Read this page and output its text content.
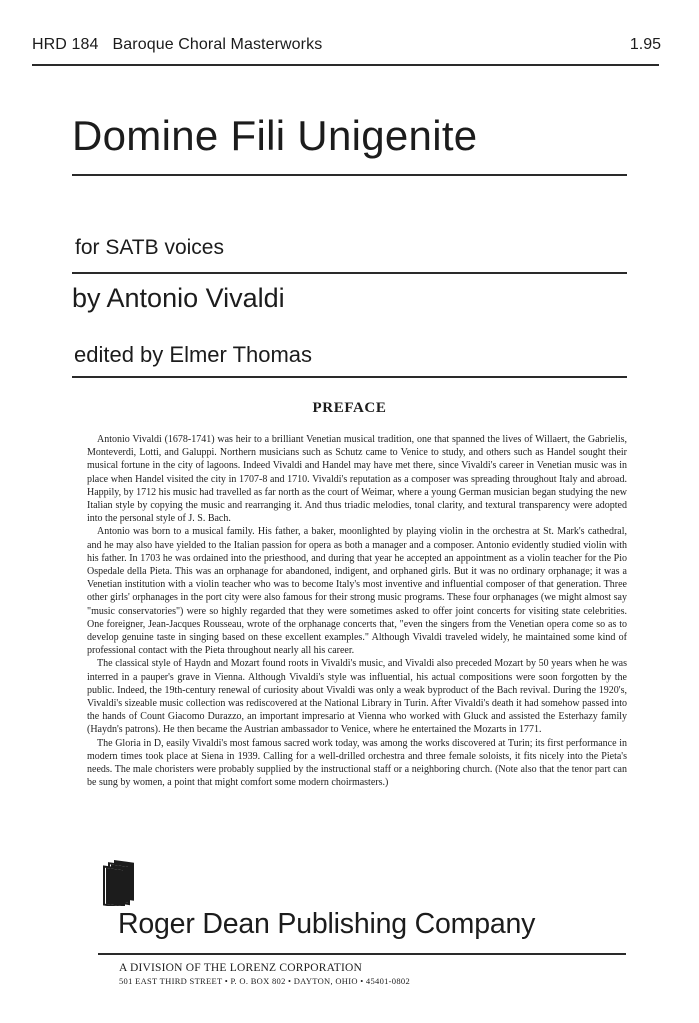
HRD 184 Baroque Choral Masterworks	1.95
Domine Fili Unigenite
for SATB voices
by Antonio Vivaldi
edited by Elmer Thomas
PREFACE

Antonio Vivaldi (1678-1741) was heir to a brilliant Venetian musical tradition, one that spanned the lives of Willaert, the Gabrielis, Monteverdi, Lotti, and Galuppi. Northern musicians such as Schutz came to Venice to study, and others such as Handel sought their musical fortune in the city of lagoons. Indeed Vivaldi and Handel may have met there, since Vivaldi's career in Venetian music was in place when Handel visited the city in 1707-8 and 1710. Vivaldi's reputation as a composer was spreading throughout Italy and abroad. Happily, by 1712 his music had travelled as far north as the court of Weimar, where a young German musician began studying the new Italian style by copying the music and rearranging it. And thus triadic melodies, tonal clarity, and textural transparency were adopted into the personal style of J. S. Bach.

Antonio was born to a musical family. His father, a baker, moonlighted by playing violin in the orchestra at St. Mark's cathedral, and he may also have yielded to the Italian passion for opera as both a manager and a composer. Antonio evidently studied violin with his father. In 1703 he was ordained into the priesthood, and during that year he accepted an appointment as a violin teacher for the Pio Ospedale della Pieta. This was an orphanage for abandoned, indigent, and orphaned girls. But it was no ordinary orphanage; it was a Venetian institution with a violin teacher who was to become Italy's most inventive and influential composer of that generation. Three other girls' orphanages in the port city were also famous for their strong music programs. These four orphanages (we might almost say "music conservatories") were so highly regarded that they were sometimes asked to offer joint concerts for visiting state celebrities. One foreigner, Jean-Jacques Rousseau, wrote of the orphanage concerts that, "even the singers from the Venetian opera come so as to develop genuine taste in singing based on these excellent examples." Although Vivaldi traveled widely, he maintained some kind of professional contact with the Pieta throughout nearly all his career.

The classical style of Haydn and Mozart found roots in Vivaldi's music, and Vivaldi also preceded Mozart by 50 years when he was interred in a pauper's grave in Vienna. Although Vivaldi's style was influential, his actual compositions were soon forgotten by the public. Indeed, the 19th-century renewal of curiosity about Vivaldi was only a weak byproduct of the Bach revival. During the 1920's, Vivaldi's sizeable music collection was rediscovered at the National Library in Turin. After Vivaldi's death it had somehow passed into the hands of Count Giacomo Durazzo, an important impresario at Vienna who worked with Gluck and assisted the Esterhazy family (Haydn's patrons). He then became the Austrian ambassador to Venice, where he entertained the Mozarts in 1771.

The Gloria in D, easily Vivaldi's most famous sacred work today, was among the works discovered at Turin; its first performance in modern times took place at Siena in 1939. Calling for a well-drilled orchestra and three female soloists, it fits nicely into the Pieta's needs. The male choristers were probably supplied by the instructional staff or a neighboring church. (Note also that the tenor part can be sung by women, a point that might comfort some modern choirmasters.)

Roger Dean Publishing Company
A DIVISION OF THE LORENZ CORPORATION
501 EAST THIRD STREET • P. O. BOX 802 • DAYTON, OHIO • 45401-0802
